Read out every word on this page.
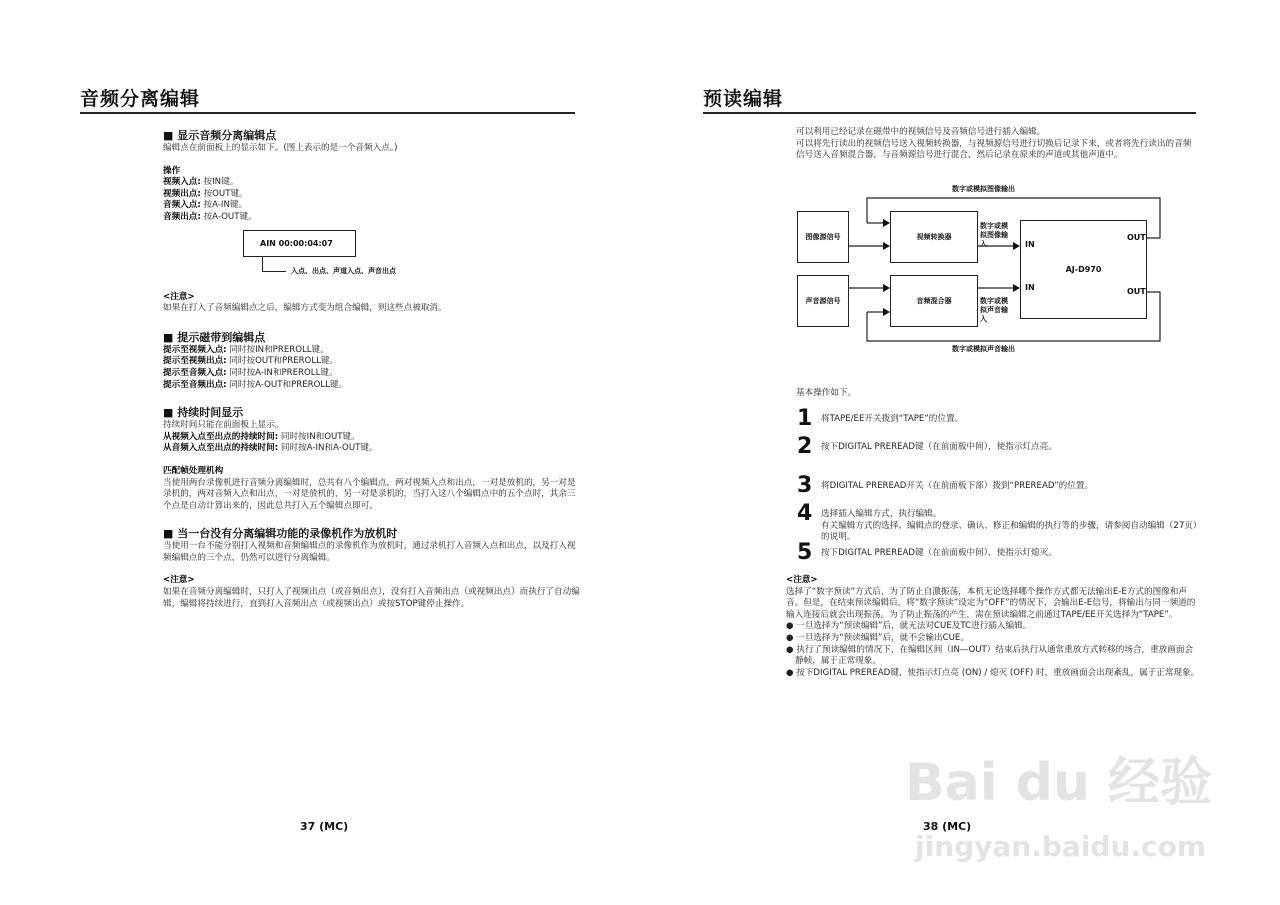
音频分离编辑
■ 显示音频分离编辑点
编辑点在前面板上的显示如下。(图上表示的是一个音频入点。)
操作
视频入点: 按IN键。
视频出点: 按OUT键。
音频入点: 按A-IN键。
音频出点: 按A-OUT键。
AIN 00:00:04:07
入点、出点、声道入点、声音出点
<注意>
如果在打入了音频编辑点之后，编辑方式变为组合编辑，则这些点被取消。
■ 提示磁带到编辑点
提示至视频入点: 同时按IN和PREROLL键。
提示至视频出点: 同时按OUT和PREROLL键。
提示至音频入点: 同时按A-IN和PREROLL键。
提示至音频出点: 同时按A-OUT和PREROLL键。
■ 持续时间显示
持续时间只能在前面板上显示。
从视频入点至出点的持续时间: 同时按IN和OUT键。
从音频入点至出点的持续时间: 同时按A-IN和A-OUT键。
匹配帧处理机构
当使用两台录像机进行音频分离编辑时，总共有八个编辑点，两对视频入点和出点，一对是放机的，另一对是录机的，两对音频入点和出点，一对是放机的，另一对是录机的，当打入这八个编辑点中的五个点时，其余三个点是自动计算出来的，因此总共打入五个编辑点即可。
■ 当一台没有分离编辑功能的录像机作为放机时
当使用一台不能分别打入视频和音频编辑点的录像机作为放机时，通过录机打入音频入点和出点，以及打入视频编辑点的三个点，仍然可以进行分离编辑。
<注意>
如果在音频分离编辑时，只打入了视频出点（或音频出点），没有打入音频出点（或视频出点）而执行了自动编辑，编辑将持续进行，直到打入音频出点（或视频出点）或按STOP键停止操作。
37 (MC)
预读编辑
可以利用已经记录在磁带中的视频信号及音频信号进行插入编辑。
可以将先行读出的视频信号送入视频转换器，与视频源信号进行切换后记录下来，或者将先行读出的音频信号送入音频混合器，与音频源信号进行混合，然后记录在原来的声道或其他声道中。
数字或模拟图像输出
数字或模拟声音输出
图像源信号
声音源信号
视频转换器
音频混合器
数字或模拟图像输入
数字或模拟声音输入
AJ-D970
IN
IN
OUT
OUT
基本操作如下。
1 将TAPE/EE开关拨到“TAPE”的位置。
2 按下DIGITAL PREREAD键（在前面板中间），使指示灯点亮。
3 将DIGITAL PREREAD开关（在前面板下部）拨到“PREREAD”的位置。
4 选择插入编辑方式，执行编辑。
有关编辑方式的选择、编辑点的登录、确认、修正和编辑的执行等的步骤，请参阅自动编辑（27页）的说明。
5 按下DIGITAL PREREAD键（在前面板中间），使指示灯熄灭。
<注意>
选择了“数字预读”方式后，为了防止自激振荡，本机无论选择哪个操作方式都无法输出E-E方式的图像和声音。但是，在结束预读编辑后，将“数字预读”设定为“OFF”的情况下，会输出E-E信号，将输出与同一频道的输入连接后就会出现振荡。为了防止振荡的产生，需在预读编辑之前通过TAPE/EE开关选择为“TAPE”。
● 一旦选择为“预读编辑”后，就无法对CUE及TC进行插入编辑。
● 一旦选择为“预读编辑”后，就不会输出CUE。
● 执行了预读编辑的情况下，在编辑区间（IN—OUT）结束后执行从通常重放方式转移的场合，重放画面会静帧，属于正常现象。
● 按下DIGITAL PREREAD键，使指示灯点亮 (ON) / 熄灭 (OFF) 时，重放画面会出现紊乱，属于正常现象。
38 (MC)
Bai du 经验
jingyan.baidu.com
